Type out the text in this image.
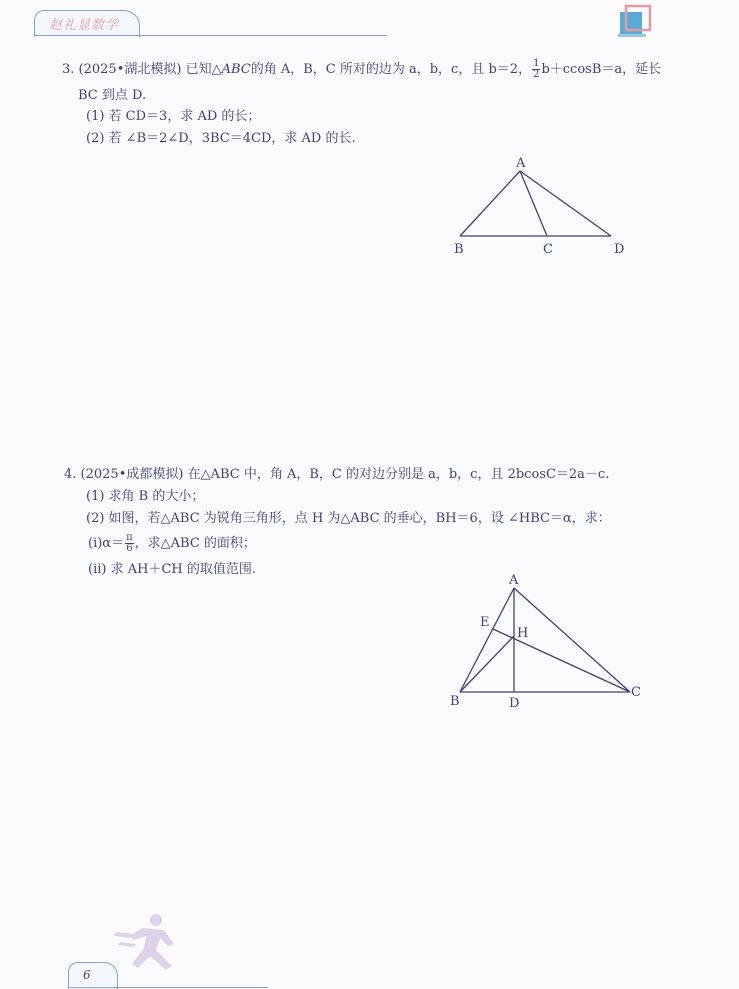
赵礼显数学
3. (2025•湖北模拟) 已知△ABC的角 A，B，C 所对的边为 a，b，c，且 b＝2， $\frac{1}{2} b+ccosB=a$，延长
BC 到点 D.
(1) 若 CD＝3，求 AD 的长；
(2) 若 ∠B＝2∠D，3BC＝4CD，求 AD 的长.
A
B	C	D
4. (2025•成都模拟) 在△ABC 中，角 A，B，C 的对边分别是 a，b，c，且 2bcosC＝2a－c.
(1) 求角 B 的大小；
(2) 如图，若△ABC 为锐角三角形，点 H 为△ABC 的垂心，BH＝6，设 ∠HBC＝α，求：
$(i)\alpha= \frac{\pi}{6}$ ，求△ABC 的面积；
(ii) 求 AH＋CH 的取值范围.
A
E
H
B	D
C
6
